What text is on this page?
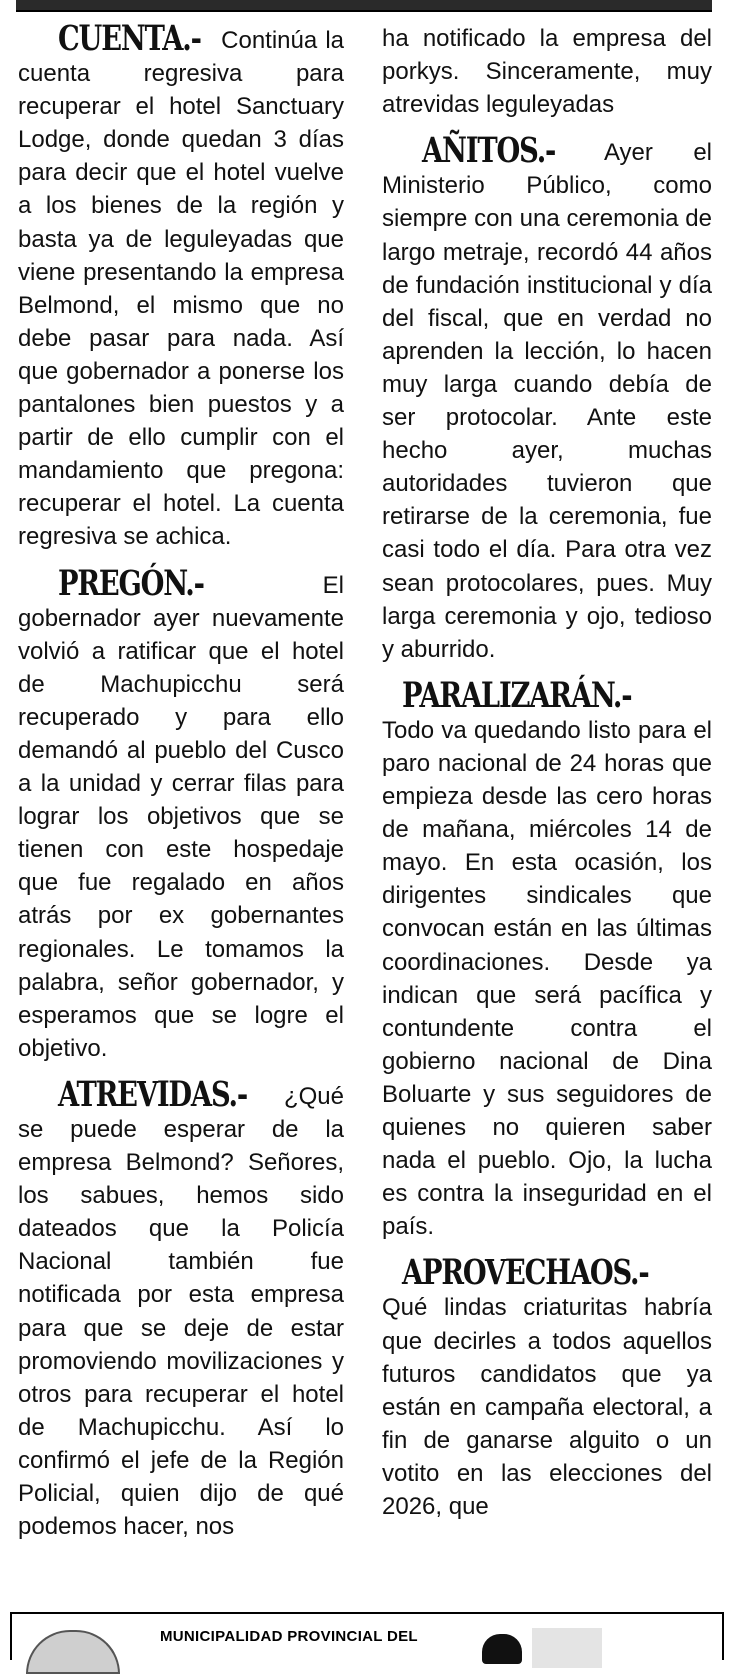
CUENTA.- Continúa la cuenta regresiva para recuperar el hotel Sanctuary Lodge, donde quedan 3 días para decir que el hotel vuelve a los bienes de la región y basta ya de leguleyadas que viene presentando la empresa Belmond, el mismo que no debe pasar para nada. Así que gobernador a ponerse los pantalones bien puestos y a partir de ello cumplir con el mandamiento que pregona: recuperar el hotel. La cuenta regresiva se achica.

PREGÓN.-	El gobernador ayer nuevamente volvió a ratificar que el hotel de Machupicchu será recuperado y para ello demandó al pueblo del Cusco a la unidad y cerrar filas para lograr los objetivos que se tienen con este hospedaje que fue regalado en años atrás por ex gobernantes regionales. Le tomamos la palabra, señor gobernador, y esperamos que se logre el objetivo.

ATREVIDAS.- ¿Qué se puede esperar de la empresa Belmond? Señores, los sabues, hemos sido dateados que la Policía Nacional también fue notificada por esta empresa para que se deje de estar promoviendo movilizaciones y otros para recuperar el hotel de Machupicchu. Así lo confirmó el jefe de la Región Policial, quien dijo de qué podemos hacer, nos

ha notificado la empresa del porkys. Sinceramente, muy atrevidas leguleyadas

AÑITOS.- Ayer el Ministerio Público, como siempre con una ceremonia de largo metraje, recordó 44 años de fundación institucional y día del fiscal, que en verdad no aprenden la lección, lo hacen muy larga cuando debía de ser protocolar. Ante este hecho ayer, muchas autoridades tuvieron que retirarse de la ceremonia, fue casi todo el día. Para otra vez sean protocolares, pues. Muy larga ceremonia y ojo, tedioso y aburrido.

PARALIZARÁN.- Todo va quedando listo para el paro nacional de 24 horas que empieza desde las cero horas de mañana, miércoles 14 de mayo. En esta ocasión, los dirigentes sindicales que convocan están en las últimas coordinaciones. Desde ya indican que será pacífica y contundente contra el gobierno nacional de Dina Boluarte y sus seguidores de quienes no quieren saber nada el pueblo. Ojo, la lucha es contra la inseguridad en el país.

APROVECHAOS.- Qué lindas criaturitas habría que decirles a todos aquellos futuros candidatos que ya están en campaña electoral, a fin de ganarse alguito o un votito en las elecciones del 2026, que

MUNICIPALIDAD PROVINCIAL DEL
